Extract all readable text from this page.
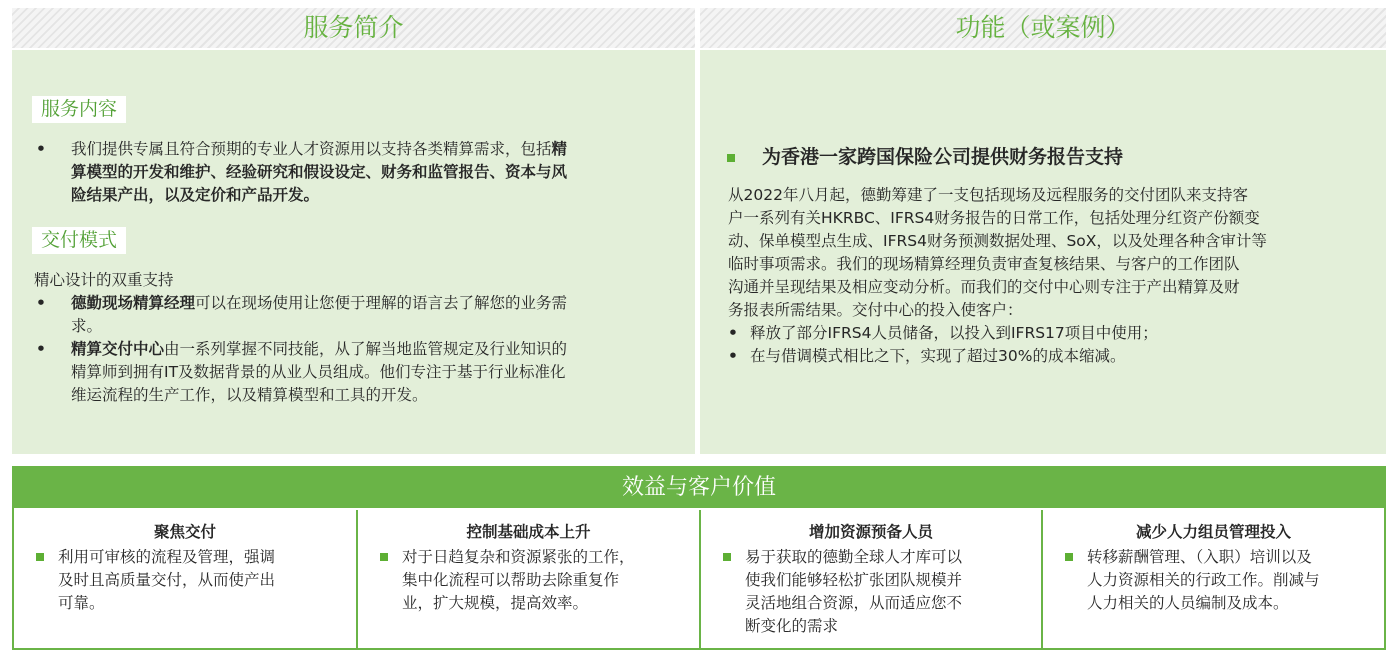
服务简介	功能（或案例）
服务内容
• 我们提供专属且符合预期的专业人才资源用以支持各类精算需求，包括精
算模型的开发和维护、经验研究和假设设定、财务和监管报告、资本与风
险结果产出，以及定价和产品开发。
交付模式
精心设计的双重支持
• 德勤现场精算经理可以在现场使用让您便于理解的语言去了解您的业务需
求。
• 精算交付中心由一系列掌握不同技能，从了解当地监管规定及行业知识的
精算师到拥有IT及数据背景的从业人员组成。他们专注于基于行业标准化
维运流程的生产工作，以及精算模型和工具的开发。
为香港一家跨国保险公司提供财务报告支持
从2022年八月起，德勤筹建了一支包括现场及远程服务的交付团队来支持客
户一系列有关HKRBC、IFRS4财务报告的日常工作，包括处理分红资产份额变
动、保单模型点生成、IFRS4财务预测数据处理、SoX，以及处理各种含审计等
临时事项需求。我们的现场精算经理负责审查复核结果、与客户的工作团队
沟通并呈现结果及相应变动分析。而我们的交付中心则专注于产出精算及财
务报表所需结果。交付中心的投入使客户：
• 释放了部分IFRS4人员储备，以投入到IFRS17项目中使用；
• 在与借调模式相比之下，实现了超过30%的成本缩减。
效益与客户价值
聚焦交付
利用可审核的流程及管理，强调
及时且高质量交付，从而使产出
可靠。
控制基础成本上升
对于日趋复杂和资源紧张的工作，
集中化流程可以帮助去除重复作
业，扩大规模，提高效率。
增加资源预备人员
易于获取的德勤全球人才库可以
使我们能够轻松扩张团队规模并
灵活地组合资源，从而适应您不
断变化的需求
减少人力组员管理投入
转移薪酬管理、（入职）培训以及
人力资源相关的行政工作。削减与
人力相关的人员编制及成本。
